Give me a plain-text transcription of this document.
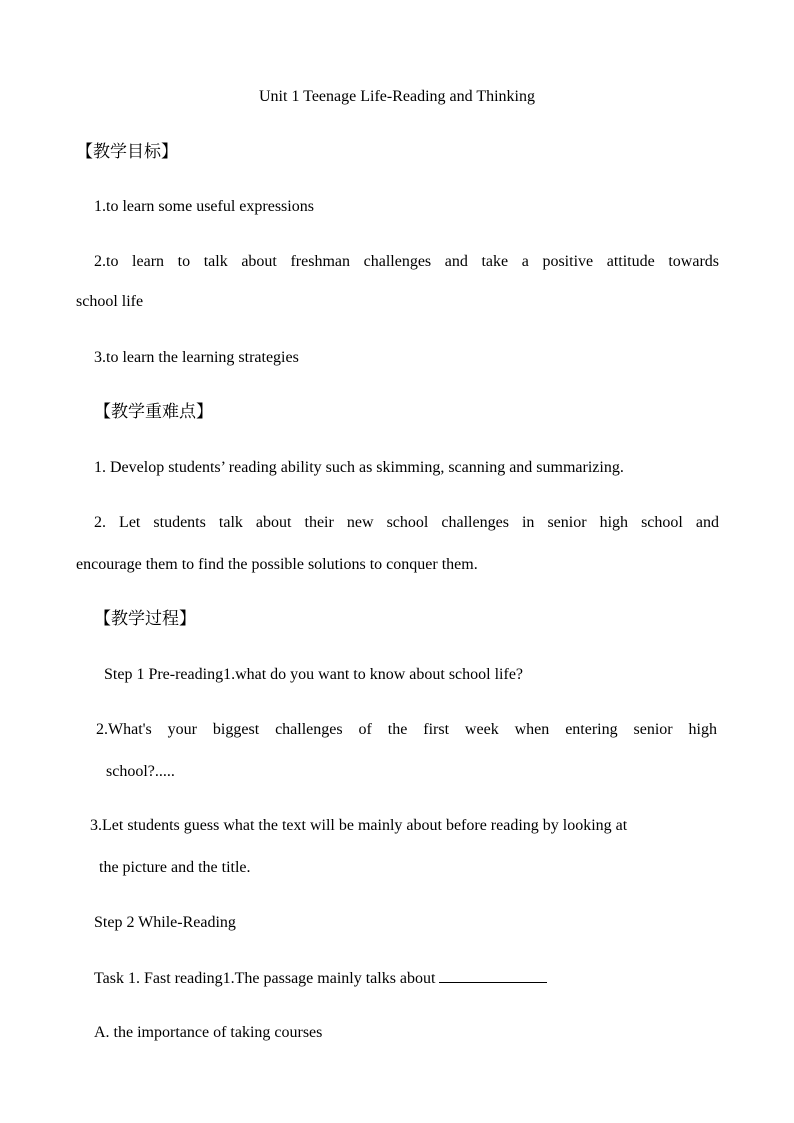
Unit 1 Teenage Life-Reading and Thinking
【教学目标】
1.to learn some useful expressions
2.to learn to talk about freshman challenges and take a positive attitude towards
school life
3.to learn the learning strategies
【教学重难点】
1. Develop students’ reading ability such as skimming, scanning and summarizing.
2. Let students talk about their new school challenges in senior high school and
encourage them to find the possible solutions to conquer them.
【教学过程】
Step 1 Pre-reading1.what do you want to know about school life?
2.What's your biggest challenges of the first week when entering senior high
school?.....
3.Let students guess what the text will be mainly about before reading by looking at
the picture and the title.
Step 2 While-Reading
Task 1. Fast reading1.The passage mainly talks about
A. the importance of taking courses
